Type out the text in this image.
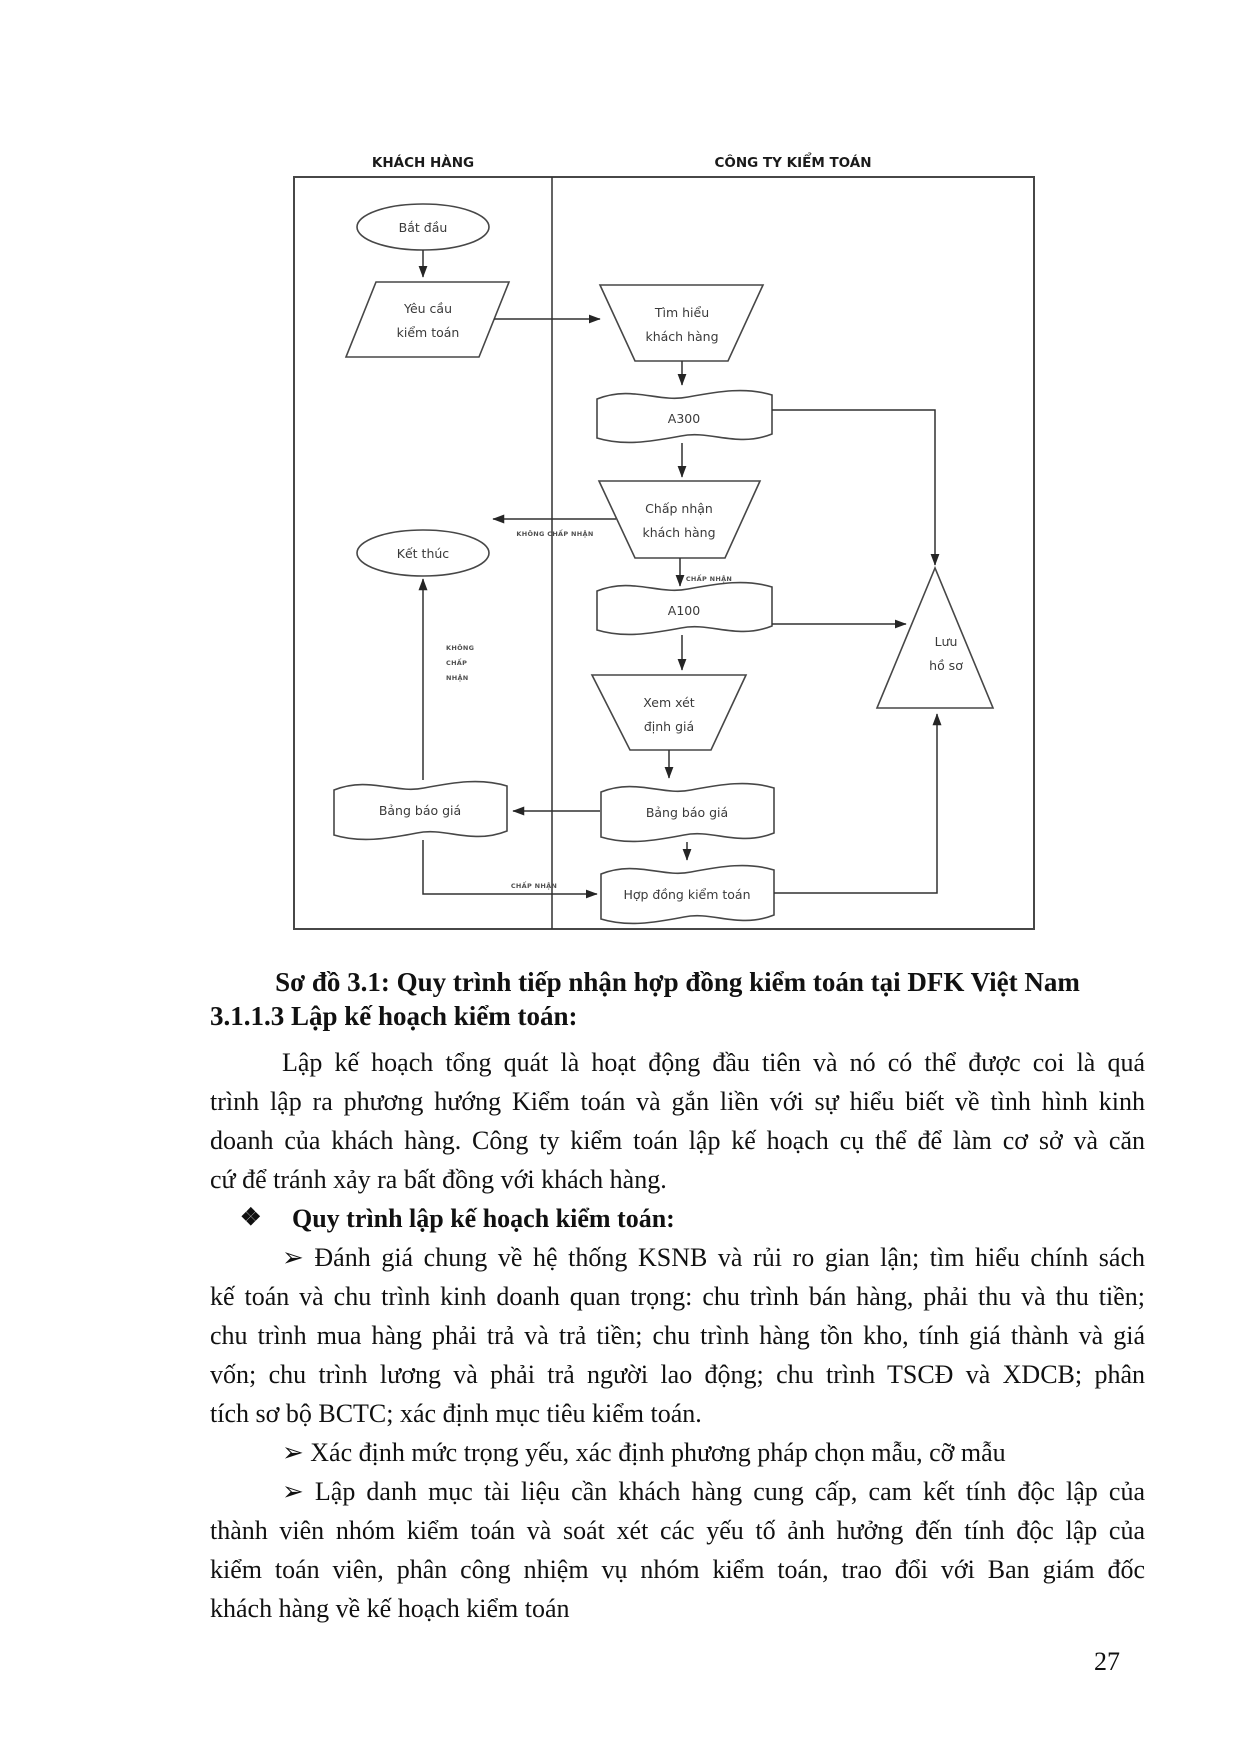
KHÁCH HÀNG	CÔNG TY KIỂM TOÁN
Bắt đầu
Yêu cầu
kiểm toán
Tìm hiểu
khách hàng
A300
Chấp nhận
khách hàng
KHÔNG CHẤP NHẬN
Kết thúc
CHẤP NHẬN
A100
Xem xét
định giá
Bảng báo giá
Bảng báo giá
KHÔNG
CHẤP
NHẬN
CHẤP NHẬN
Hợp đồng kiểm toán
Lưu
hồ sơ
Sơ đồ 3.1: Quy trình tiếp nhận hợp đồng kiểm toán tại DFK Việt Nam
3.1.1.3 Lập kế hoạch kiểm toán:
Lập kế hoạch tổng quát là hoạt động đầu tiên và nó có thể được coi là quá
trình lập ra phương hướng Kiểm toán và gắn liền với sự hiểu biết về tình hình kinh
doanh của khách hàng. Công ty kiểm toán lập kế hoạch cụ thể để làm cơ sở và căn
cứ để tránh xảy ra bất đồng với khách hàng.
❖	Quy trình lập kế hoạch kiểm toán:
➢ Đánh giá chung về hệ thống KSNB và rủi ro gian lận; tìm hiểu chính sách
kế toán và chu trình kinh doanh quan trọng: chu trình bán hàng, phải thu và thu tiền;
chu trình mua hàng phải trả và trả tiền; chu trình hàng tồn kho, tính giá thành và giá
vốn; chu trình lương và phải trả người lao động; chu trình TSCĐ và XDCB; phân
tích sơ bộ BCTC; xác định mục tiêu kiểm toán.
➢ Xác định mức trọng yếu, xác định phương pháp chọn mẫu, cỡ mẫu
➢ Lập danh mục tài liệu cần khách hàng cung cấp, cam kết tính độc lập của
thành viên nhóm kiểm toán và soát xét các yếu tố ảnh hưởng đến tính độc lập của
kiểm toán viên, phân công nhiệm vụ nhóm kiểm toán, trao đổi với Ban giám đốc
khách hàng về kế hoạch kiểm toán
27
